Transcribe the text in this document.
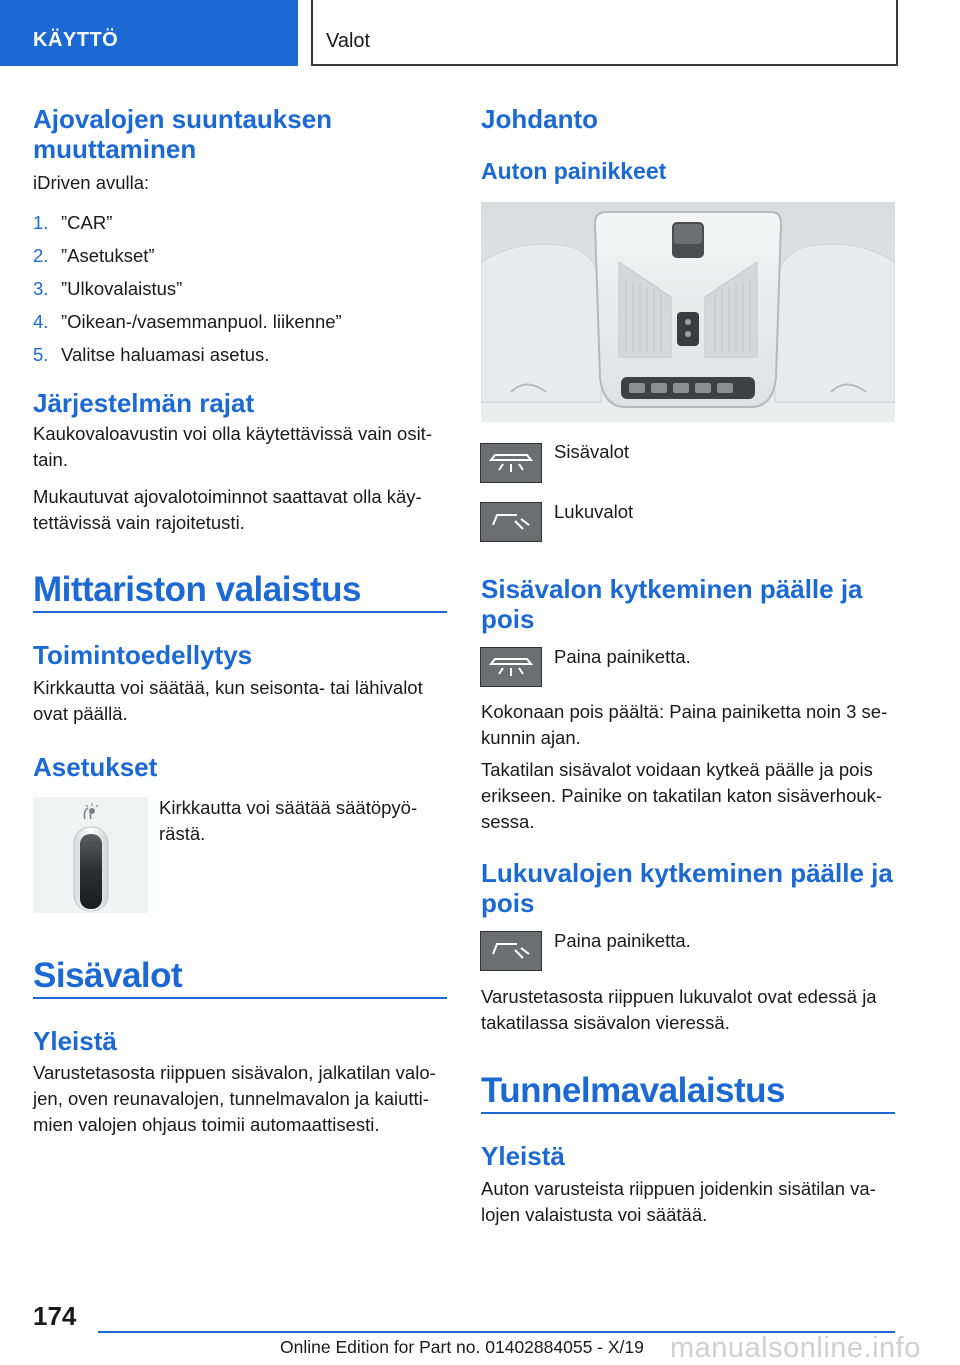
KÄYTTÖ	Valot
Ajovalojen suuntauksen muuttaminen

iDriven avulla:

1. ”CAR”
2. ”Asetukset”
3. ”Ulkovalaistus”
4. ”Oikean-/vasemmanpuol. liikenne”
5. Valitse haluamasi asetus.
Järjestelmän rajat

Kaukovaloavustin voi olla käytettävissä vain osit-tain.

Mukautuvat ajovalotoiminnot saattavat olla käy-tettävissä vain rajoitetusti.

Mittariston valaistus
Toimintoedellytys

Kirkkautta voi säätää, kun seisonta- tai lähivalot ovat päällä.

Asetukset

Kirkkautta voi säätää säätöpyö-rästä.

Sisävalot
Yleistä

Varustetasosta riippuen sisävalon, jalkatilan valo-jen, oven reunavalojen, tunnelmavalon ja kaiutti-mien valojen ohjaus toimii automaattisesti.

Johdanto
Auton painikkeet

Sisävalot

Lukuvalot

Sisävalon kytkeminen päälle ja pois

Paina painiketta.

Kokonaan pois päältä: Paina painiketta noin 3 se-kunnin ajan.

Takatilan sisävalot voidaan kytkeä päälle ja pois erikseen. Painike on takatilan katon sisäverhouk-sessa.

Lukuvalojen kytkeminen päälle ja pois

Paina painiketta.

Varustetasosta riippuen lukuvalot ovat edessä ja takatilassa sisävalon vieressä.

Tunnelmavalaistus
Yleistä

Auton varusteista riippuen joidenkin sisätilan va-lojen valaistusta voi säätää.

174
Online Edition for Part no. 01402884055 - X/19 manualsonline.info
